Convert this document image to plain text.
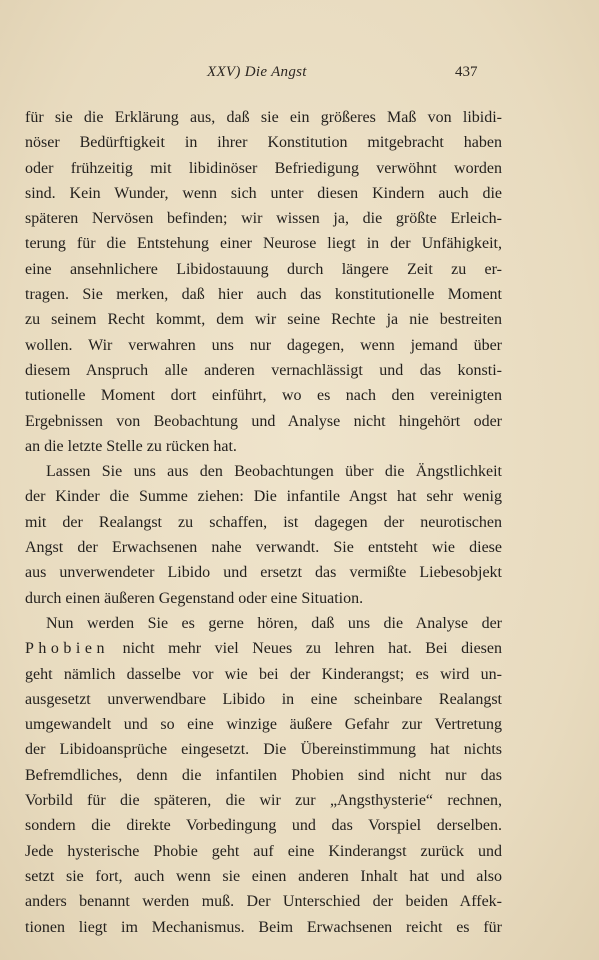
XXV) Die Angst	437
für sie die Erklärung aus, daß sie ein größeres Maß von libidi-
nöser Bedürftigkeit in ihrer Konstitution mitgebracht haben
oder frühzeitig mit libidinöser Befriedigung verwöhnt worden
sind. Kein Wunder, wenn sich unter diesen Kindern auch die
späteren Nervösen befinden; wir wissen ja, die größte Erleich-
terung für die Entstehung einer Neurose liegt in der Unfähigkeit,
eine ansehnlichere Libidostauung durch längere Zeit zu er-
tragen. Sie merken, daß hier auch das konstitutionelle Moment
zu seinem Recht kommt, dem wir seine Rechte ja nie bestreiten
wollen. Wir verwahren uns nur dagegen, wenn jemand über
diesem Anspruch alle anderen vernachlässigt und das konsti-
tutionelle Moment dort einführt, wo es nach den vereinigten
Ergebnissen von Beobachtung und Analyse nicht hingehört oder
an die letzte Stelle zu rücken hat.
Lassen Sie uns aus den Beobachtungen über die Ängstlichkeit
der Kinder die Summe ziehen: Die infantile Angst hat sehr wenig
mit der Realangst zu schaffen, ist dagegen der neurotischen
Angst der Erwachsenen nahe verwandt. Sie entsteht wie diese
aus unverwendeter Libido und ersetzt das vermißte Liebesobjekt
durch einen äußeren Gegenstand oder eine Situation.
Nun werden Sie es gerne hören, daß uns die Analyse der
Phobien nicht mehr viel Neues zu lehren hat. Bei diesen
geht nämlich dasselbe vor wie bei der Kinderangst; es wird un-
ausgesetzt unverwendbare Libido in eine scheinbare Realangst
umgewandelt und so eine winzige äußere Gefahr zur Vertretung
der Libidoansprüche eingesetzt. Die Übereinstimmung hat nichts
Befremdliches, denn die infantilen Phobien sind nicht nur das
Vorbild für die späteren, die wir zur „Angsthysterie“ rechnen,
sondern die direkte Vorbedingung und das Vorspiel derselben.
Jede hysterische Phobie geht auf eine Kinderangst zurück und
setzt sie fort, auch wenn sie einen anderen Inhalt hat und also
anders benannt werden muß. Der Unterschied der beiden Affek-
tionen liegt im Mechanismus. Beim Erwachsenen reicht es für
